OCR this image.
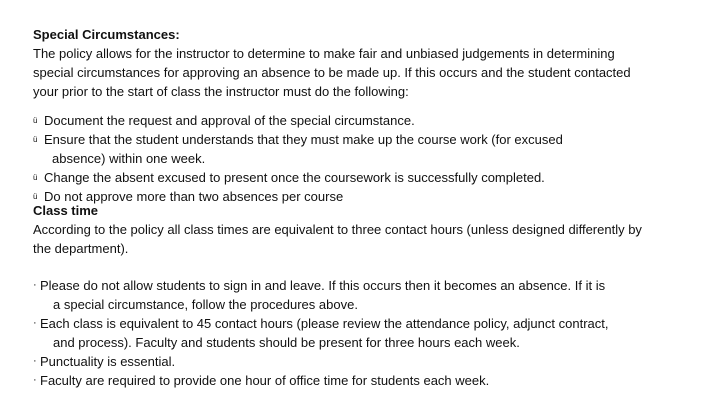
Special Circumstances:

The policy allows for the instructor to determine to make fair and unbiased judgements in determining

special circumstances for approving an absence to be made up. If this occurs and the student contacted

your prior to the start of class the instructor must do the following:

ü Document the request and approval of the special circumstance.
ü Ensure that the student understands that they must make up the course work (for excused
absence) within one week.
ü Change the absent excused to present once the coursework is successfully completed.
ü Do not approve more than two absences per course
Class time

According to the policy all class times are equivalent to three contact hours (unless designed differently by

the department).

· Please do not allow students to sign in and leave. If this occurs then it becomes an absence. If it is
a special circumstance, follow the procedures above.
· Each class is equivalent to 45 contact hours (please review the attendance policy, adjunct contract,
and process). Faculty and students should be present for three hours each week.
· Punctuality is essential.
· Faculty are required to provide one hour of office time for students each week.
